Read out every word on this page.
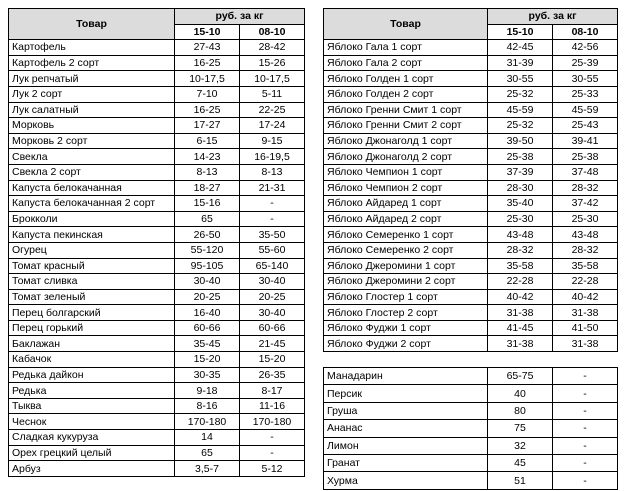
Товар	руб. за кг	
	15-10	08-10
Картофель	27-43	28-42
Картофель 2 сорт	16-25	15-26
Лук репчатый	10-17,5	10-17,5
Лук 2 сорт	7-10	5-11
Лук салатный	16-25	22-25
Морковь	17-27	17-24
Морковь 2 сорт	6-15	9-15
Свекла	14-23	16-19,5
Свекла 2 сорт	8-13	8-13
Капуста белокачанная	18-27	21-31
Капуста белокачанная 2 сорт	15-16	-
Брокколи	65	-
Капуста пекинская	26-50	35-50
Огурец	55-120	55-60
Томат красный	95-105	65-140
Томат сливка	30-40	30-40
Томат зеленый	20-25	20-25
Перец болгарский	16-40	30-40
Перец горький	60-66	60-66
Баклажан	35-45	21-45
Кабачок	15-20	15-20
Редька дайкон	30-35	26-35
Редька	9-18	8-17
Тыква	8-16	11-16
Чеснок	170-180	170-180
Сладкая кукуруза	14	-
Орех грецкий целый	65	-
Арбуз	3,5-7	5-12
Товар	руб. за кг	
	15-10	08-10
Яблоко Гала 1 сорт	42-45	42-56
Яблоко Гала 2 сорт	31-39	25-39
Яблоко Голден 1 сорт	30-55	30-55
Яблоко Голден 2 сорт	25-32	25-33
Яблоко Гренни Смит 1 сорт	45-59	45-59
Яблоко Гренни Смит 2 сорт	25-32	25-43
Яблоко Джонаголд 1 сорт	39-50	39-41
Яблоко Джонаголд 2 сорт	25-38	25-38
Яблоко Чемпион 1 сорт	37-39	37-48
Яблоко Чемпион 2 сорт	28-30	28-32
Яблоко Айдаред 1 сорт	35-40	37-42
Яблоко Айдаред 2 сорт	25-30	25-30
Яблоко Семеренко 1 сорт	43-48	43-48
Яблоко Семеренко 2 сорт	28-32	28-32
Яблоко Джеромини 1 сорт	35-58	35-58
Яблоко Джеромини 2 сорт	22-28	22-28
Яблоко Глостер 1 сорт	40-42	40-42
Яблоко Глостер 2 сорт	31-38	31-38
Яблоко Фуджи 1 сорт	41-45	41-50
Яблоко Фуджи 2 сорт	31-38	31-38
Манадарин	65-75	-
Персик	40	-
Груша	80	-
Ананас	75	-
Лимон	32	-
Гранат	45	-
Хурма	51	-
